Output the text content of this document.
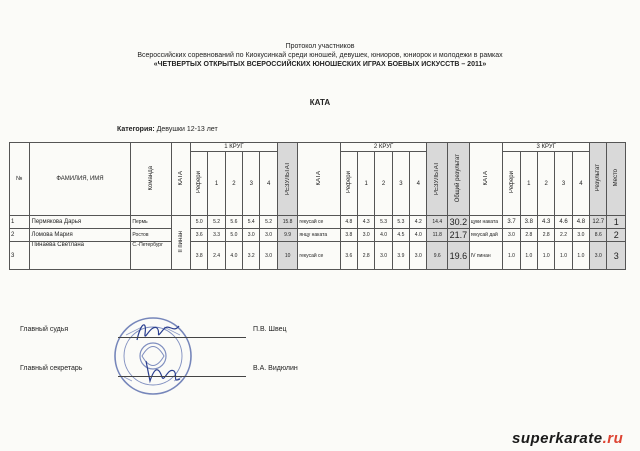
Протокол участников
Всероссийских соревнований по Киокусинкай среди юношей, девушек, юниоров, юниорок и молодежи в рамках
«ЧЕТВЕРТЫХ ОТКРЫТЫХ ВСЕРОССИЙСКИХ ЮНОШЕСКИХ ИГРАХ БОЕВЫХ ИСКУССТВ – 2011»
КАТА
Категория: Девушки 12-13 лет
№	ФАМИЛИЯ, ИМЯ	Команда	КАТА	1 КРУГ					РЕЗУЛЬТАТ	КАТА	2 КРУГ					РЕЗУЛЬТАТ	Общий результат	КАТА	3 КРУГ					Результат	Место
				Рефери	1	2	3	4			Рефери	1	2	3	4				Рефери	1	2	3	4		
1	Пермякова Дарья	Пермь	II пинан	5.0	5.2	5.6	5.4	5.2	15.8	гекусай се	4.8	4.3	5.3	5.3	4.2	14.4	30.2	цуки наката	3.7	3.8	4.3	4.6	4.8	12.7	1
2	Ломова Мария	Ростов		3.6	3.3	5.0	3.0	3.0	9.9	янцу наката	3.8	3.0	4.0	4.5	4.0	11.8	21.7	гекусай дай	3.0	2.8	2.8	2.2	3.0	8.6	2
3	Пинаева Светлана	С.-Петербург		3.8	2.4	4.0	3.2	3.0	10	гекусай се	3.6	2.8	3.0	3.9	3.0	9.6	19.6	IV пинан	1.0	1.0	1.0	1.0	1.0	3.0	3
Главный судья	П.В. Швец
Главный секретарь	В.А. Видюлин
superkarate.ru
